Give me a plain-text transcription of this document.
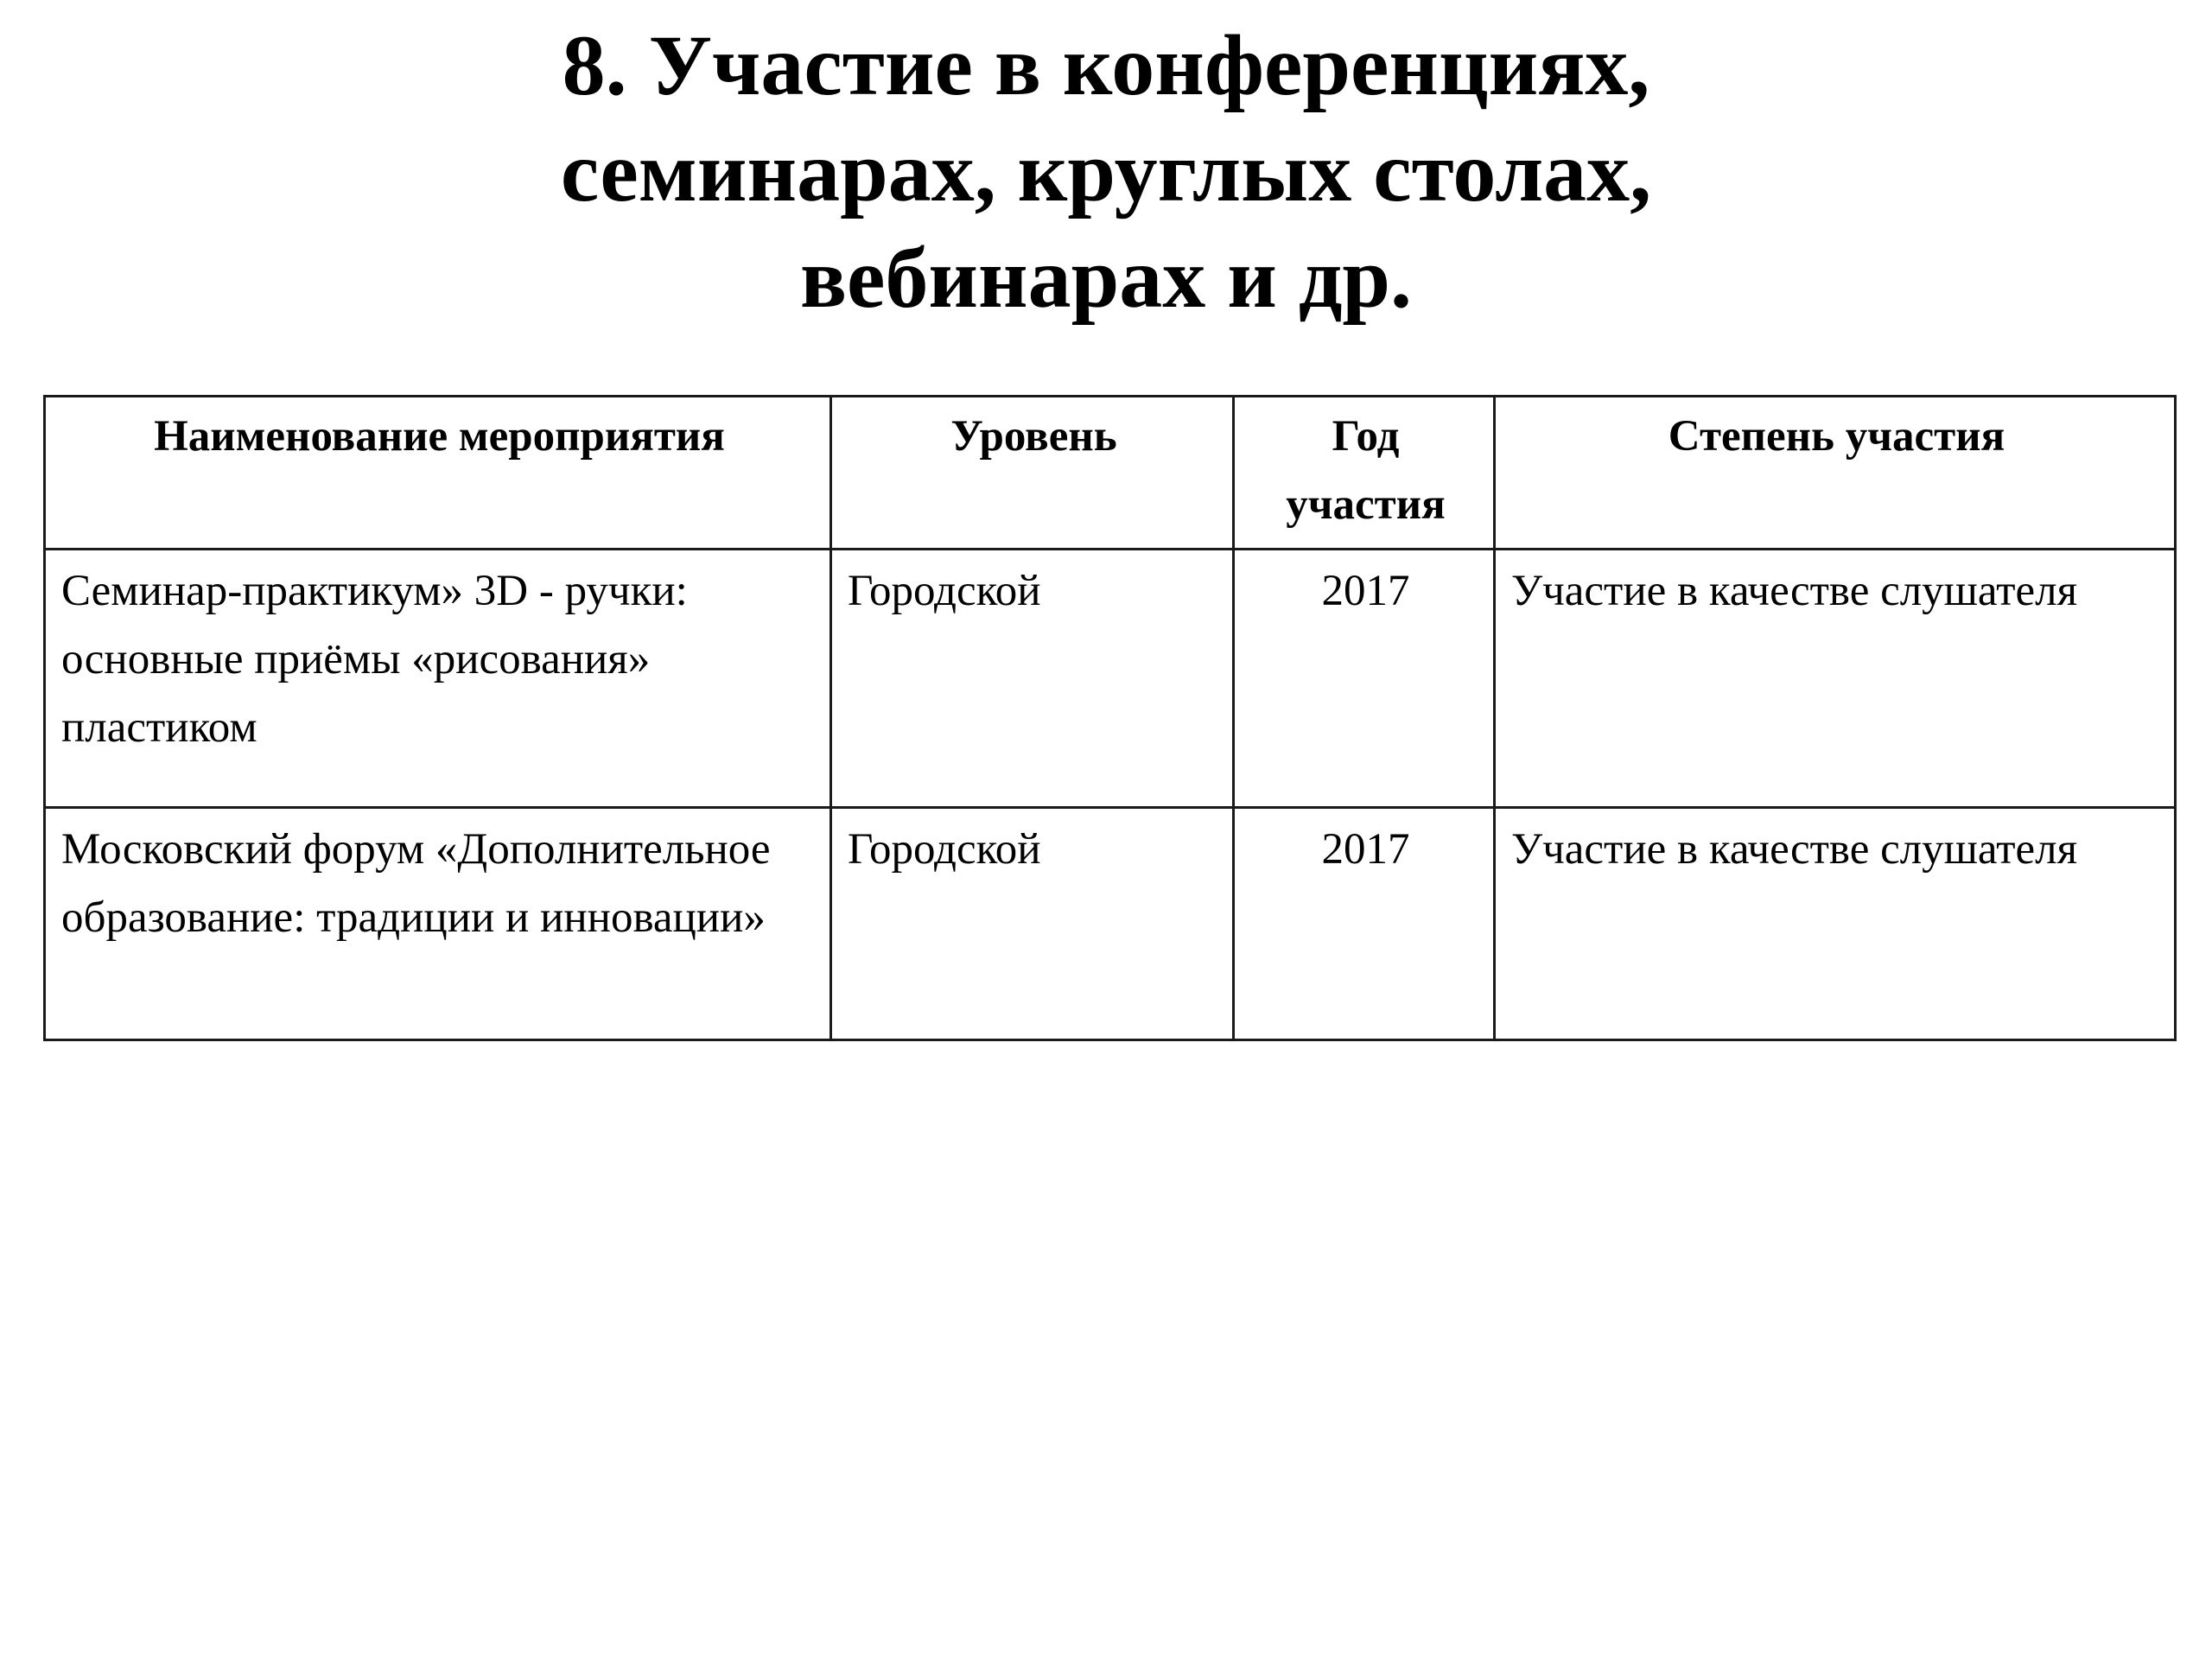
8. Участие в конференциях,
семинарах, круглых столах,
вебинарах и др.
Наименование мероприятия	Уровень	Год участия	Степень участия
Семинар-практикум» 3D - ручки: основные приёмы «рисования» пластиком	Городской	2017	Участие в качестве слушателя
Московский форум «Дополнительное образование: традиции и инновации»	Городской	2017	Участие в качестве слушателя
